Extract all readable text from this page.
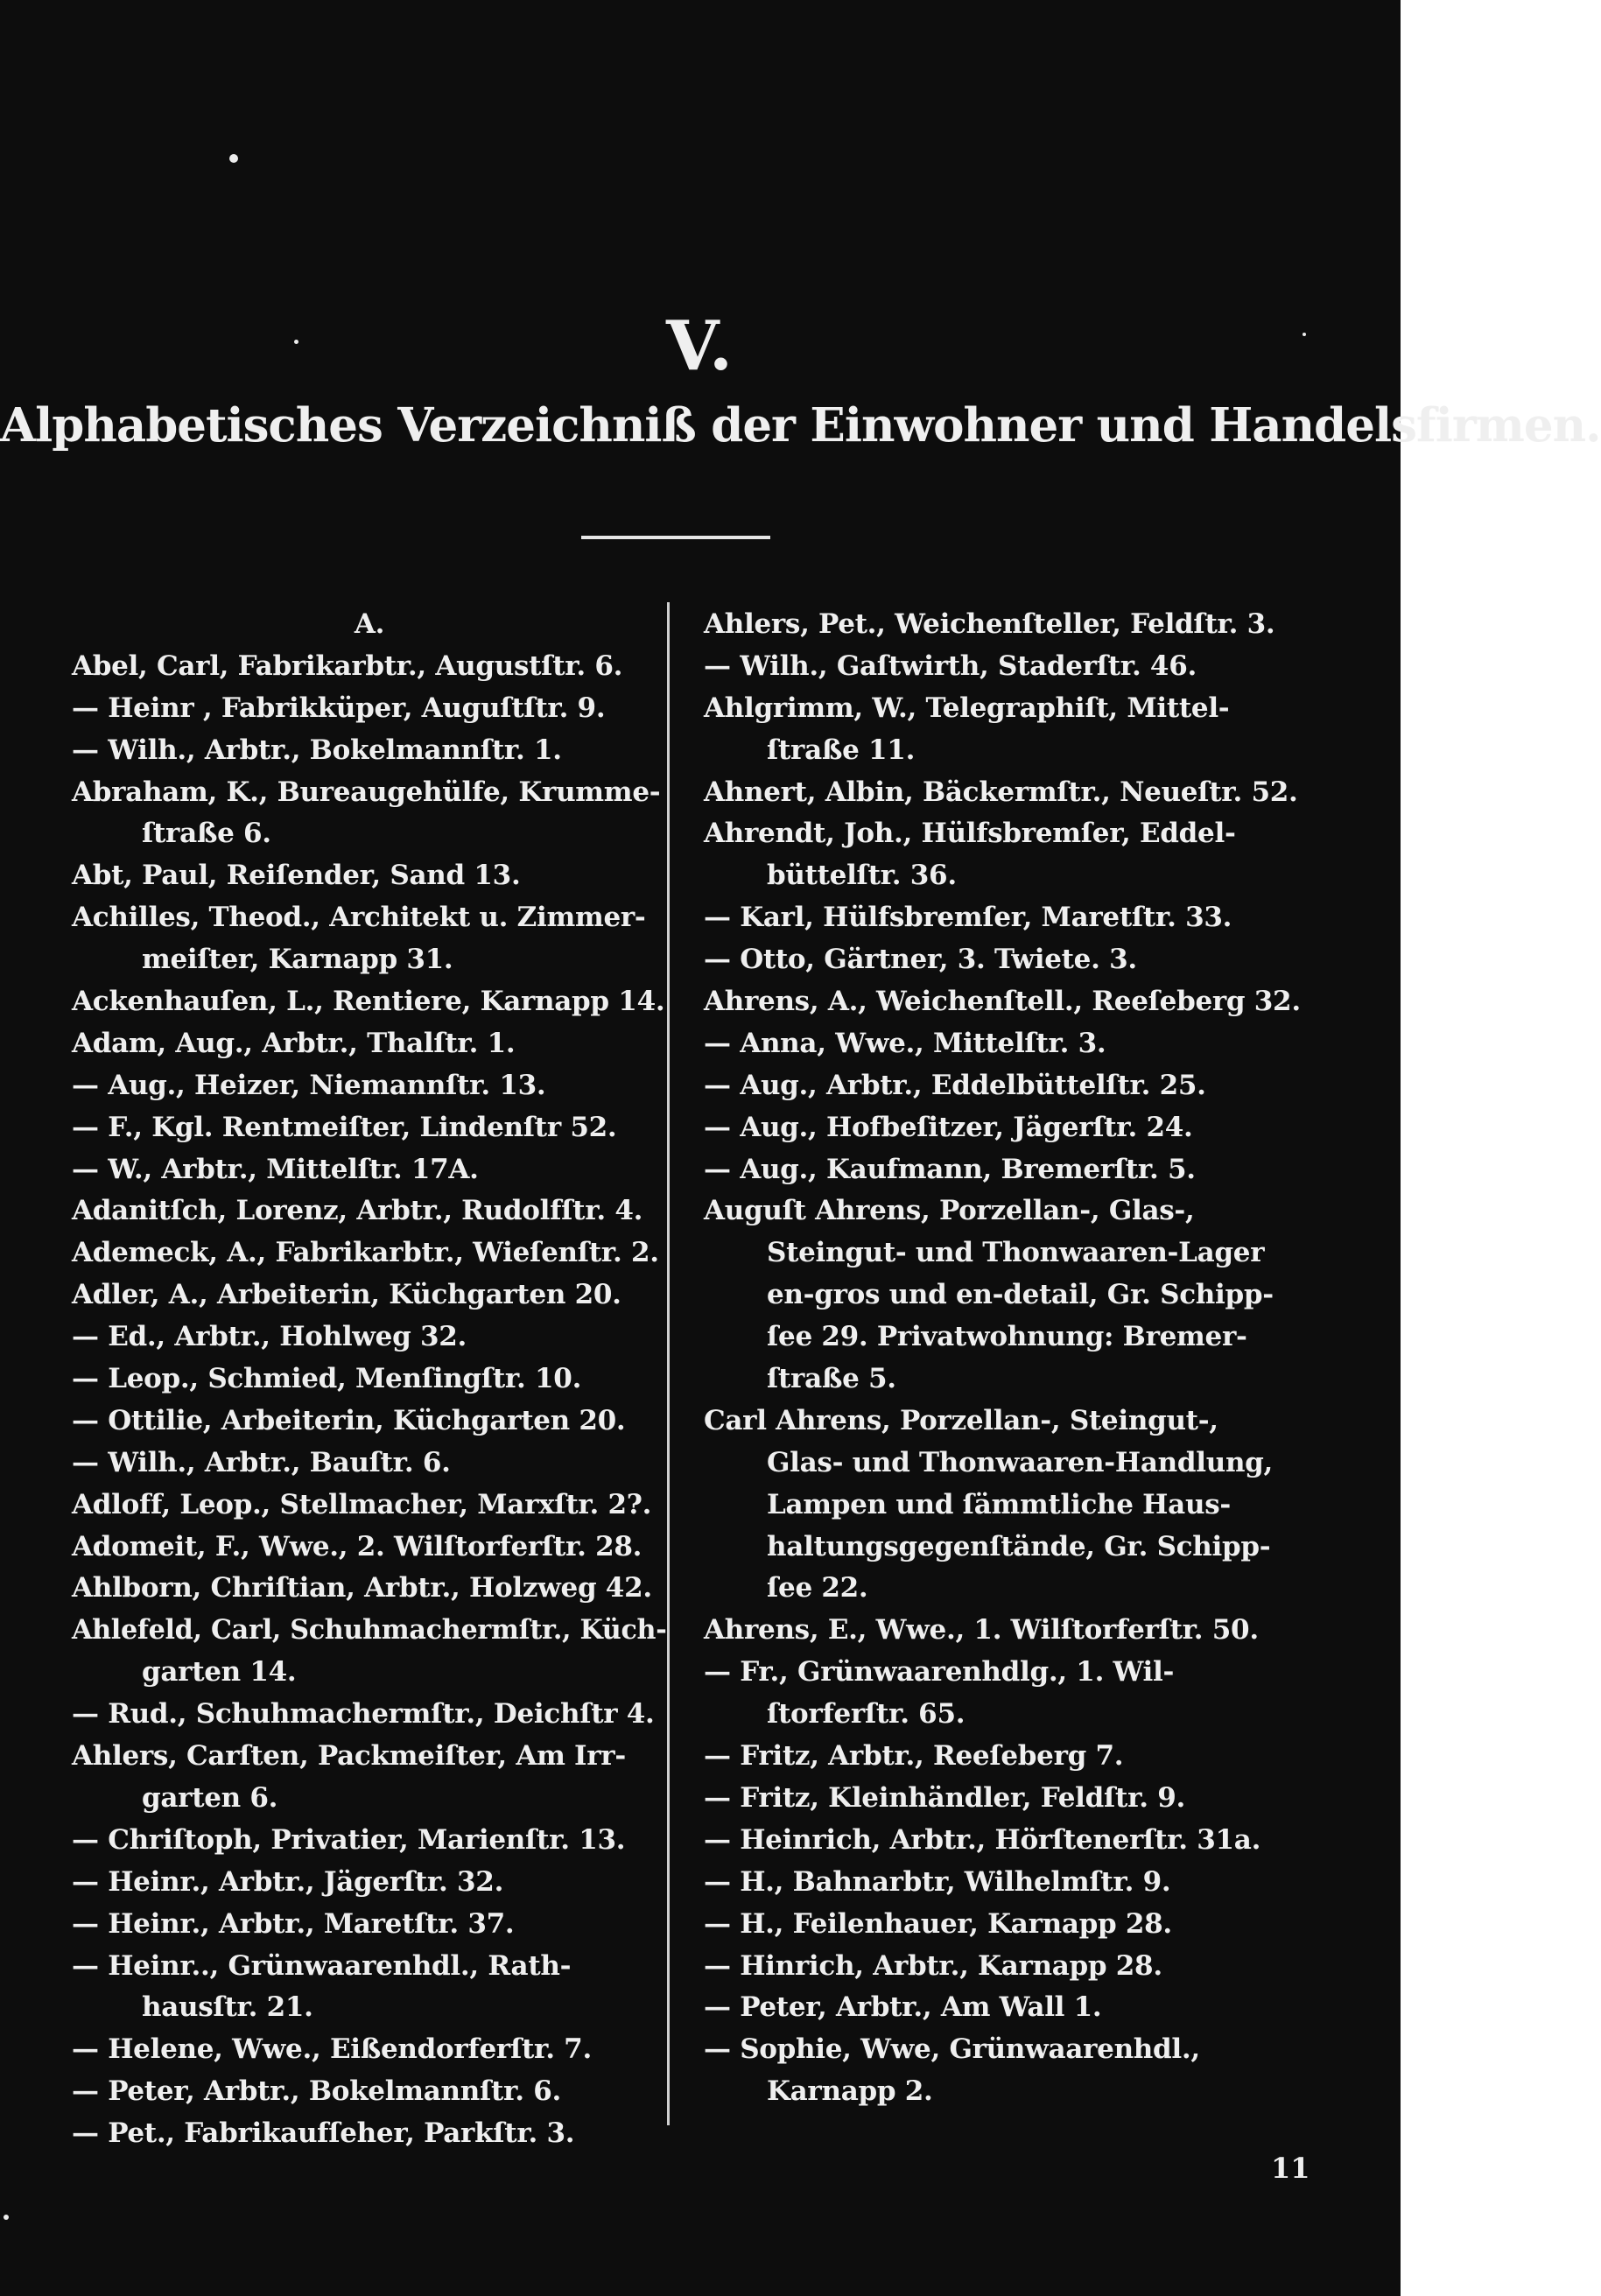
V.
Alphabetisches Verzeichniß der Einwohner und Handelsfirmen.
A.
Abel, Carl, Fabrikarbtr., Augustſtr. 6.
— Heinr , Fabrikküper, Auguſtſtr. 9.
— Wilh., Arbtr., Bokelmannſtr. 1.
Abraham, K., Bureaugehülfe, Krumme-
ſtraße 6.
Abt, Paul, Reiſender, Sand 13.
Achilles, Theod., Architekt u. Zimmer-
meiſter, Karnapp 31.
Ackenhauſen, L., Rentiere, Karnapp 14.
Adam, Aug., Arbtr., Thalſtr. 1.
— Aug., Heizer, Niemannſtr. 13.
— F., Kgl. Rentmeiſter, Lindenſtr 52.
— W., Arbtr., Mittelſtr. 17A.
Adanitſch, Lorenz, Arbtr., Rudolfſtr. 4.
Ademeck, A., Fabrikarbtr., Wieſenſtr. 2.
Adler, A., Arbeiterin, Küchgarten 20.
— Ed., Arbtr., Hohlweg 32.
— Leop., Schmied, Menſingſtr. 10.
— Ottilie, Arbeiterin, Küchgarten 20.
— Wilh., Arbtr., Bauſtr. 6.
Adloff, Leop., Stellmacher, Marxſtr. 2?.
Adomeit, F., Wwe., 2. Wilſtorferſtr. 28.
Ahlborn, Chriſtian, Arbtr., Holzweg 42.
Ahlefeld, Carl, Schuhmachermſtr., Küch-
garten 14.
— Rud., Schuhmachermſtr., Deichſtr 4.
Ahlers, Carſten, Packmeiſter, Am Irr-
garten 6.
— Chriſtoph, Privatier, Marienſtr. 13.
— Heinr., Arbtr., Jägerſtr. 32.
— Heinr., Arbtr., Maretſtr. 37.
— Heinr.., Grünwaarenhdl., Rath-
hausſtr. 21.
— Helene, Wwe., Eißendorferſtr. 7.
— Peter, Arbtr., Bokelmannſtr. 6.
— Pet., Fabrikaufſeher, Parkſtr. 3.
Ahlers, Pet., Weichenſteller, Feldſtr. 3.
— Wilh., Gaſtwirth, Staderſtr. 46.
Ahlgrimm, W., Telegraphiſt, Mittel-
ſtraße 11.
Ahnert, Albin, Bäckermſtr., Neueſtr. 52.
Ahrendt, Joh., Hülfsbremſer, Eddel-
büttelſtr. 36.
— Karl, Hülfsbremſer, Maretſtr. 33.
— Otto, Gärtner, 3. Twiete. 3.
Ahrens, A., Weichenſtell., Reeſeberg 32.
— Anna, Wwe., Mittelſtr. 3.
— Aug., Arbtr., Eddelbüttelſtr. 25.
— Aug., Hofbeſitzer, Jägerſtr. 24.
— Aug., Kaufmann, Bremerſtr. 5.
Auguſt Ahrens, Porzellan-, Glas-,
Steingut- und Thonwaaren-Lager
en-gros und en-detail, Gr. Schipp-
ſee 29. Privatwohnung: Bremer-
ſtraße 5.
Carl Ahrens, Porzellan-, Steingut-,
Glas- und Thonwaaren-Handlung,
Lampen und ſämmtliche Haus-
haltungsgegenſtände, Gr. Schipp-
ſee 22.
Ahrens, E., Wwe., 1. Wilſtorferſtr. 50.
— Fr., Grünwaarenhdlg., 1. Wil-
ſtorferſtr. 65.
— Fritz, Arbtr., Reeſeberg 7.
— Fritz, Kleinhändler, Feldſtr. 9.
— Heinrich, Arbtr., Hörſtenerſtr. 31a.
— H., Bahnarbtr, Wilhelmſtr. 9.
— H., Feilenhauer, Karnapp 28.
— Hinrich, Arbtr., Karnapp 28.
— Peter, Arbtr., Am Wall 1.
— Sophie, Wwe, Grünwaarenhdl.,
Karnapp 2.
11
